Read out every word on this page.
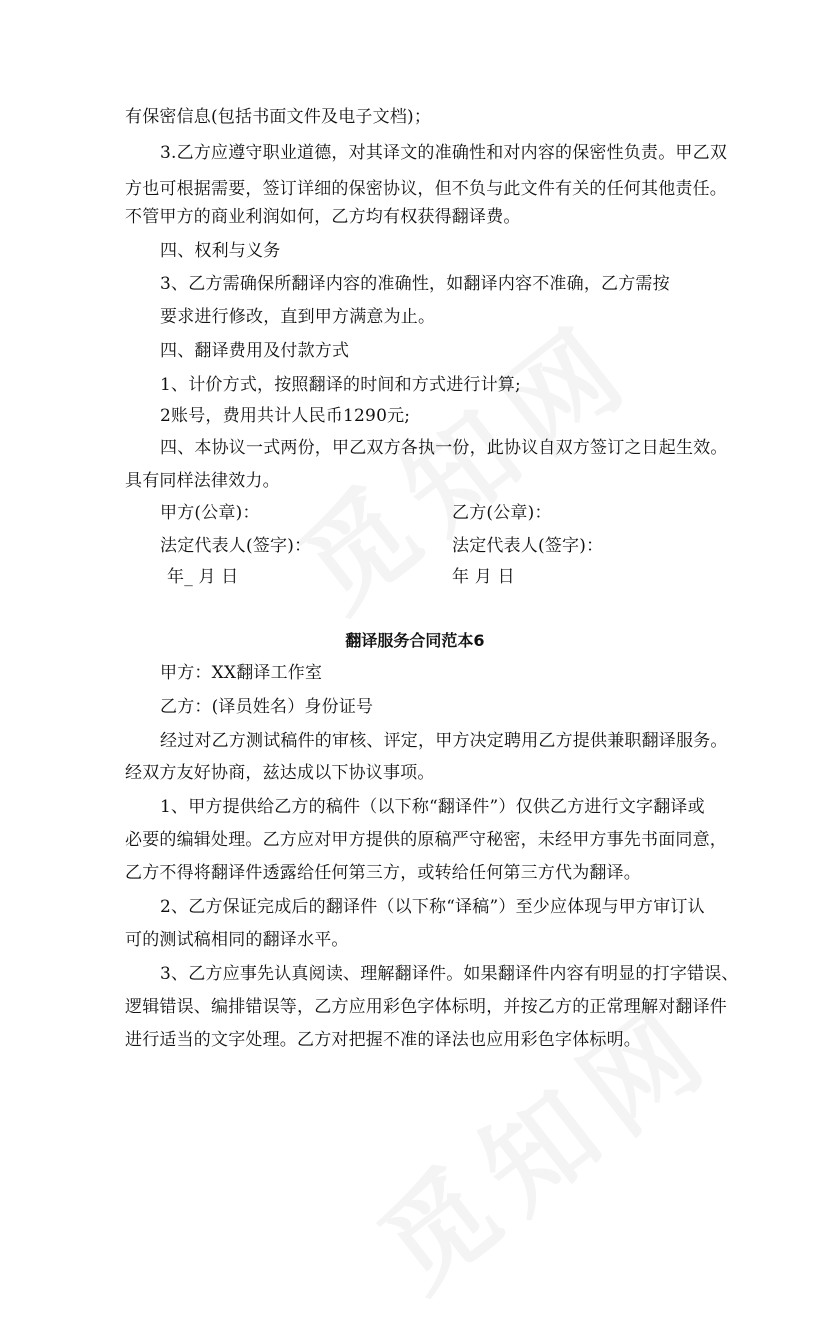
有保密信息(包括书面文件及电子文档)；

3.乙方应遵守职业道德，对其译文的准确性和对内容的保密性负责。甲乙双

方也可根据需要，签订详细的保密协议，但不负与此文件有关的任何其他责任。

不管甲方的商业利润如何，乙方均有权获得翻译费。

四、权利与义务

3、乙方需确保所翻译内容的准确性，如翻译内容不准确，乙方需按

要求进行修改，直到甲方满意为止。

四、翻译费用及付款方式

1、计价方式，按照翻译的时间和方式进行计算;

2账号，费用共计人民币1290元;

四、本协议一式两份，甲乙双方各执一份，此协议自双方签订之日起生效。

具有同样法律效力。

甲方(公章)：	乙方(公章)：

法定代表人(签字)：	法定代表人(签字)：

年_ 月 日	年 月 日

翻译服务合同范本6

甲方：XX翻译工作室

乙方：(译员姓名）身份证号

经过对乙方测试稿件的审核、评定，甲方决定聘用乙方提供兼职翻译服务。

经双方友好协商，兹达成以下协议事项。

1、甲方提供给乙方的稿件（以下称“翻译件”）仅供乙方进行文字翻译或

必要的编辑处理。乙方应对甲方提供的原稿严守秘密，未经甲方事先书面同意，

乙方不得将翻译件透露给任何第三方，或转给任何第三方代为翻译。

2、乙方保证完成后的翻译件（以下称“译稿”）至少应体现与甲方审订认

可的测试稿相同的翻译水平。

3、乙方应事先认真阅读、理解翻译件。如果翻译件内容有明显的打字错误、

逻辑错误、编排错误等，乙方应用彩色字体标明，并按乙方的正常理解对翻译件

进行适当的文字处理。乙方对把握不准的译法也应用彩色字体标明。
